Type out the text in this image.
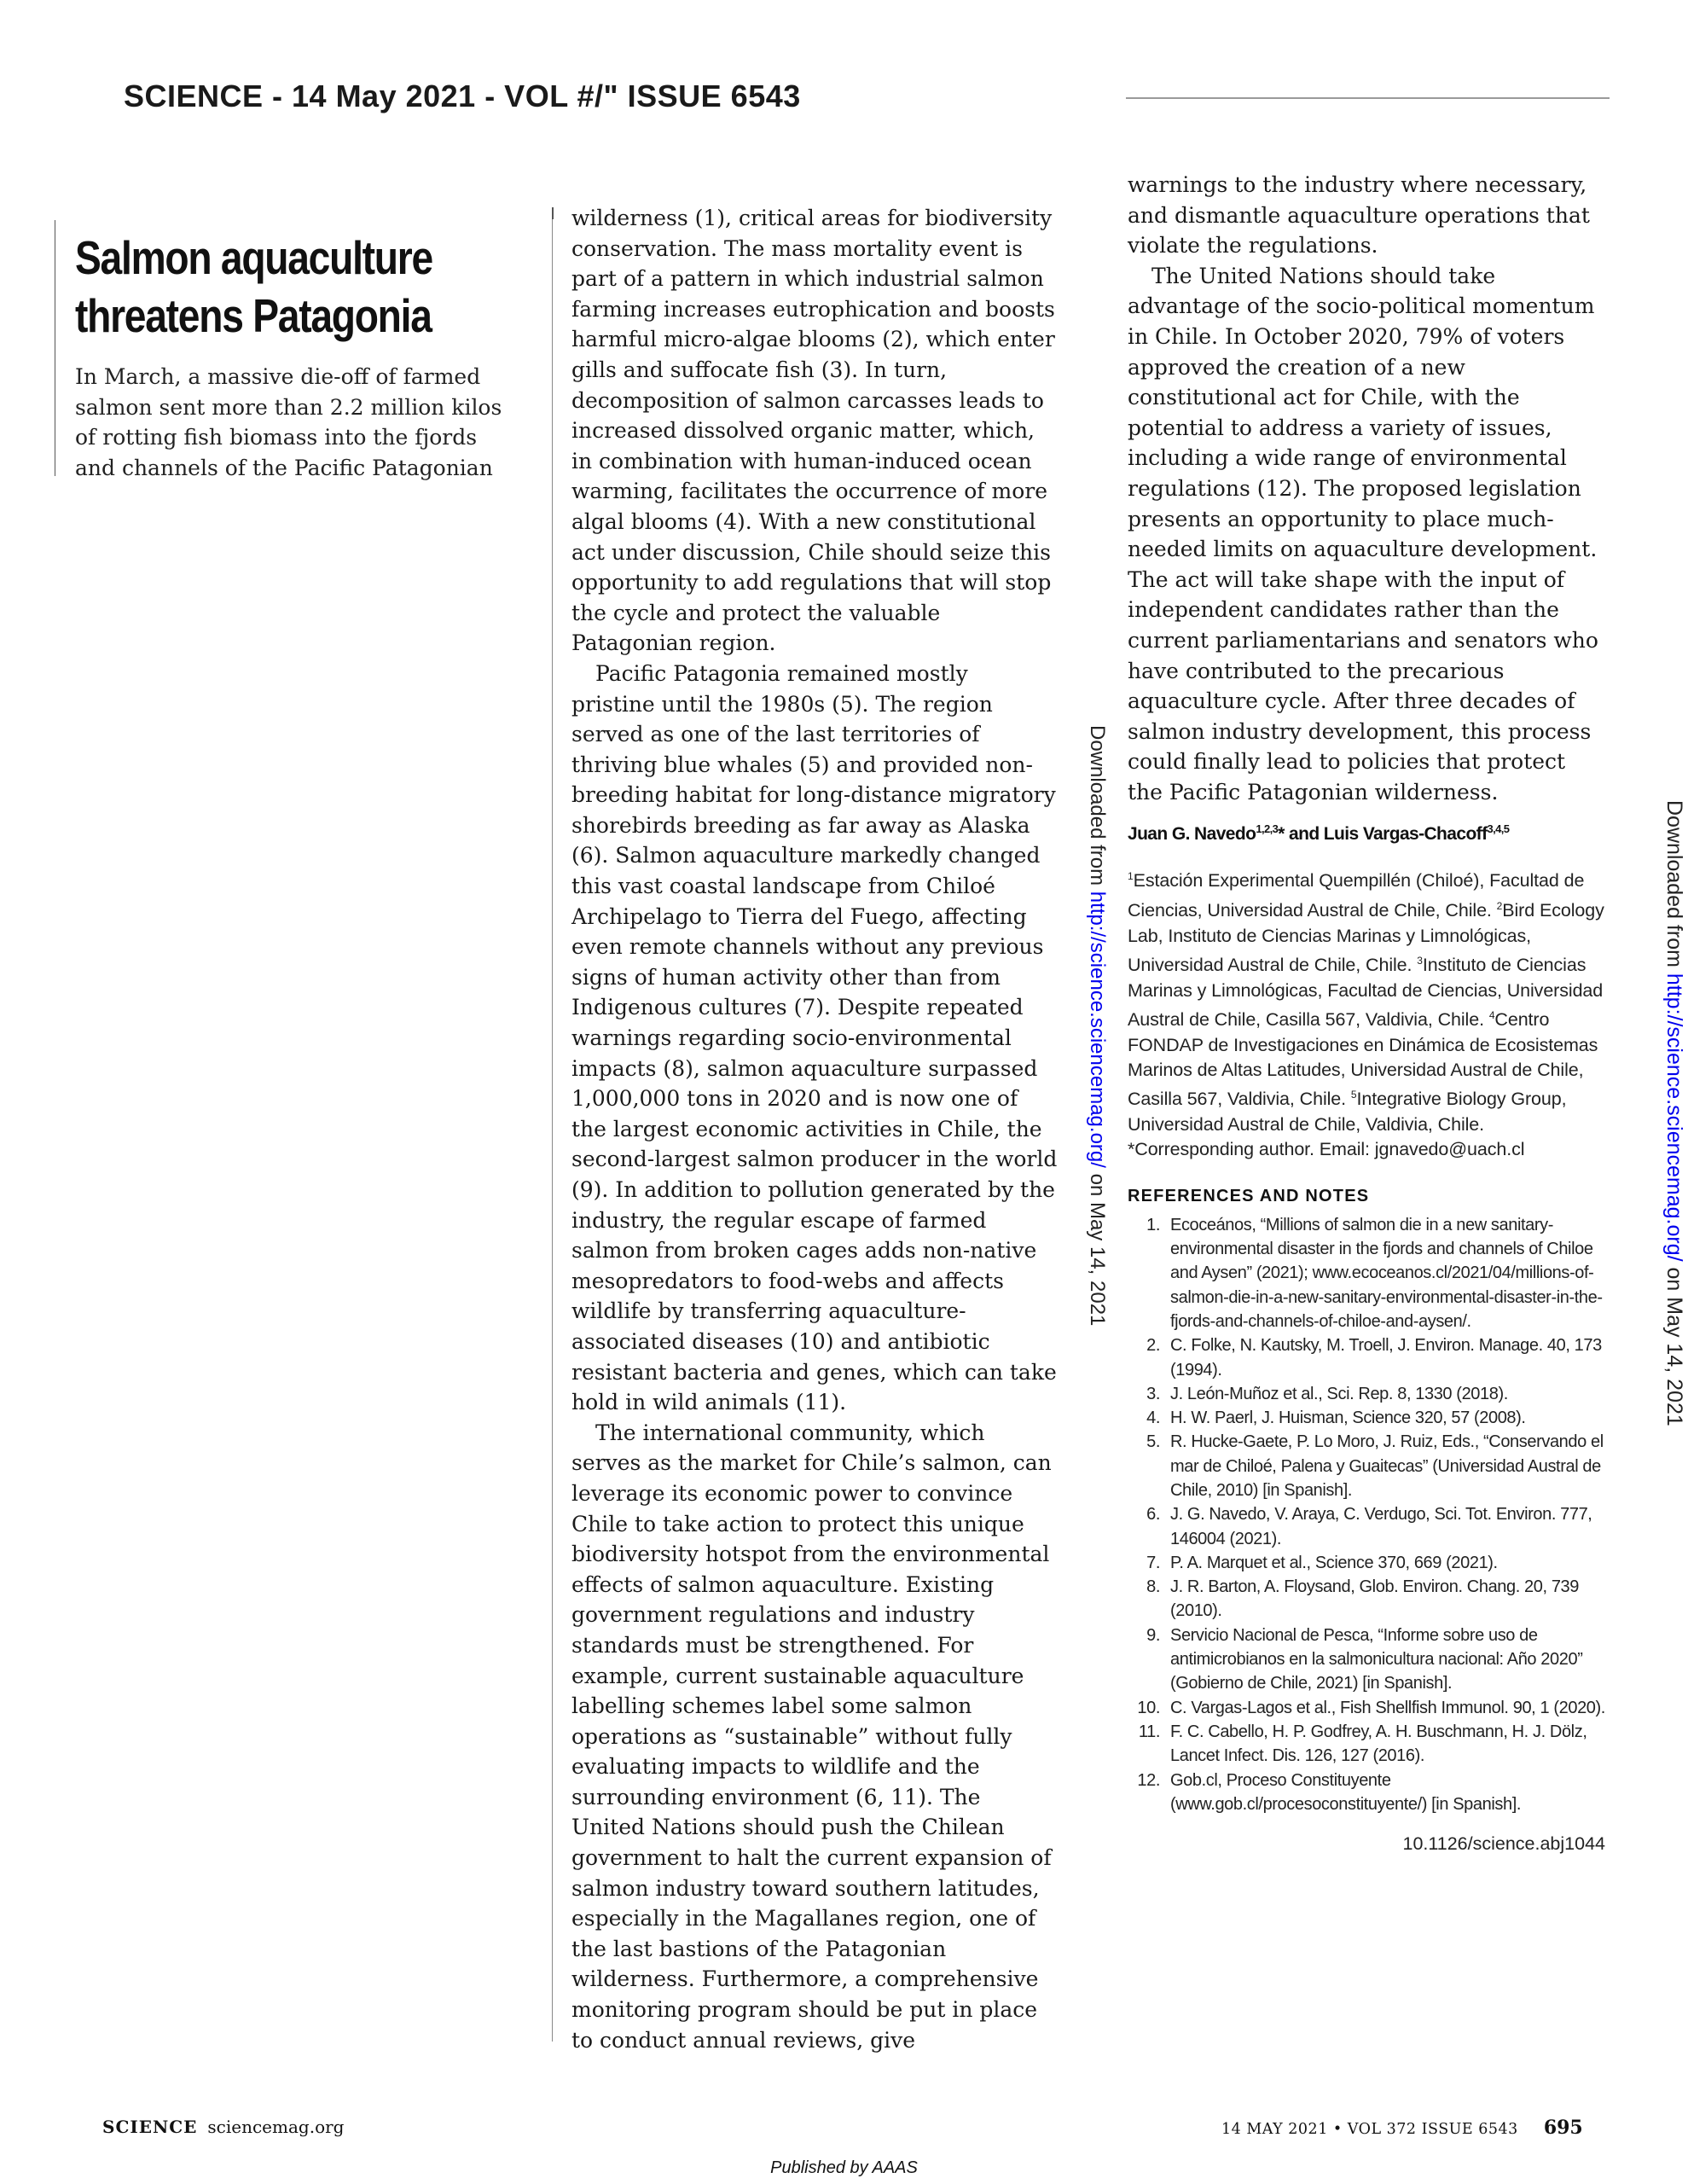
SCIENCE - 14 May 2021 - VOL #/" ISSUE 6543
Salmon aquaculture
threatens Patagonia

In March, a massive die-off of farmed salmon sent more than 2.2 million kilos of rotting fish biomass into the fjords and channels of the Pacific Patagonian

wilderness (1), critical areas for biodiversity conservation. The mass mortality event is part of a pattern in which industrial salmon farming increases eutrophication and boosts harmful micro-algae blooms (2), which enter gills and suffocate fish (3). In turn, decomposition of salmon carcasses leads to increased dissolved organic matter, which, in combination with human-induced ocean warming, facilitates the occurrence of more algal blooms (4). With a new constitutional act under discussion, Chile should seize this opportunity to add regulations that will stop the cycle and protect the valuable Patagonian region.

Pacific Patagonia remained mostly pristine until the 1980s (5). The region served as one of the last territories of thriving blue whales (5) and provided non-breeding habitat for long-distance migratory shorebirds breeding as far away as Alaska (6). Salmon aquaculture markedly changed this vast coastal landscape from Chiloé Archipelago to Tierra del Fuego, affecting even remote channels without any previous signs of human activity other than from Indigenous cultures (7). Despite repeated warnings regarding socio-environmental impacts (8), salmon aquaculture surpassed 1,000,000 tons in 2020 and is now one of the largest economic activities in Chile, the second-largest salmon producer in the world (9). In addition to pollution generated by the industry, the regular escape of farmed salmon from broken cages adds non-native mesopredators to food-webs and affects wildlife by transferring aquaculture-associated diseases (10) and antibiotic resistant bacteria and genes, which can take hold in wild animals (11).

The international community, which serves as the market for Chile’s salmon, can leverage its economic power to convince Chile to take action to protect this unique biodiversity hotspot from the environmental effects of salmon aquaculture. Existing government regulations and industry standards must be strengthened. For example, current sustainable aquaculture labelling schemes label some salmon operations as “sustainable” without fully evaluating impacts to wildlife and the surrounding environment (6, 11). The United Nations should push the Chilean government to halt the current expansion of salmon industry toward southern latitudes, especially in the Magallanes region, one of the last bastions of the Patagonian wilderness. Furthermore, a comprehensive monitoring program should be put in place to conduct annual reviews, give

warnings to the industry where necessary, and dismantle aquaculture operations that violate the regulations.

The United Nations should take advantage of the socio-political momentum in Chile. In October 2020, 79% of voters approved the creation of a new constitutional act for Chile, with the potential to address a variety of issues, including a wide range of environmental regulations (12). The proposed legislation presents an opportunity to place much-needed limits on aquaculture development. The act will take shape with the input of independent candidates rather than the current parliamentarians and senators who have contributed to the precarious aquaculture cycle. After three decades of salmon industry development, this process could finally lead to policies that protect the Pacific Patagonian wilderness.

Juan G. Navedo$^{1,2,3}$* and Luis Vargas-Chacoff$^{3,4,5}$

$^1$Estación Experimental Quempillén (Chiloé), Facultad de Ciencias, Universidad Austral de Chile, Chile. $^2$Bird Ecology Lab, Instituto de Ciencias Marinas y Limnológicas, Universidad Austral de Chile, Chile. $^3$Instituto de Ciencias Marinas y Limnológicas, Facultad de Ciencias, Universidad Austral de Chile, Casilla 567, Valdivia, Chile. $^4$Centro FONDAP de Investigaciones en Dinámica de Ecosistemas Marinos de Altas Latitudes, Universidad Austral de Chile, Casilla 567, Valdivia, Chile. $^5$Integrative Biology Group, Universidad Austral de Chile, Valdivia, Chile.
*Corresponding author. Email: jgnavedo@uach.cl

REFERENCES AND NOTES
1. Ecoceános, “Millions of salmon die in a new sanitary-environmental disaster in the fjords and channels of Chiloe and Aysen” (2021); www.ecoceanos.cl/2021/04/millions-of-salmon-die-in-a-new-sanitary-environmental-disaster-in-the-fjords-and-channels-of-chiloe-and-aysen/.
2. C. Folke, N. Kautsky, M. Troell, J. Environ. Manage. 40, 173 (1994).
3. J. León-Muñoz et al., Sci. Rep. 8, 1330 (2018).
4. H. W. Paerl, J. Huisman, Science 320, 57 (2008).
5. R. Hucke-Gaete, P. Lo Moro, J. Ruiz, Eds., “Conservando el mar de Chiloé, Palena y Guaitecas” (Universidad Austral de Chile, 2010) [in Spanish].
6. J. G. Navedo, V. Araya, C. Verdugo, Sci. Tot. Environ. 777, 146004 (2021).
7. P. A. Marquet et al., Science 370, 669 (2021).
8. J. R. Barton, A. Floysand, Glob. Environ. Chang. 20, 739 (2010).
9. Servicio Nacional de Pesca, “Informe sobre uso de antimicrobianos en la salmonicultura nacional: Año 2020” (Gobierno de Chile, 2021) [in Spanish].
10. C. Vargas-Lagos et al., Fish Shellfish Immunol. 90, 1 (2020).
11. F. C. Cabello, H. P. Godfrey, A. H. Buschmann, H. J. Dölz, Lancet Infect. Dis. 126, 127 (2016).
12. Gob.cl, Proceso Constituyente (www.gob.cl/procesoconstituyente/) [in Spanish].
10.1126/science.abj1044
Downloaded from http://science.sciencemag.org/ on May 14, 2021
Downloaded from http://science.sciencemag.org/ on May 14, 2021
SCIENCE sciencemag.org	14 MAY 2021 • VOL 372 ISSUE 6543 695
Published by AAAS
